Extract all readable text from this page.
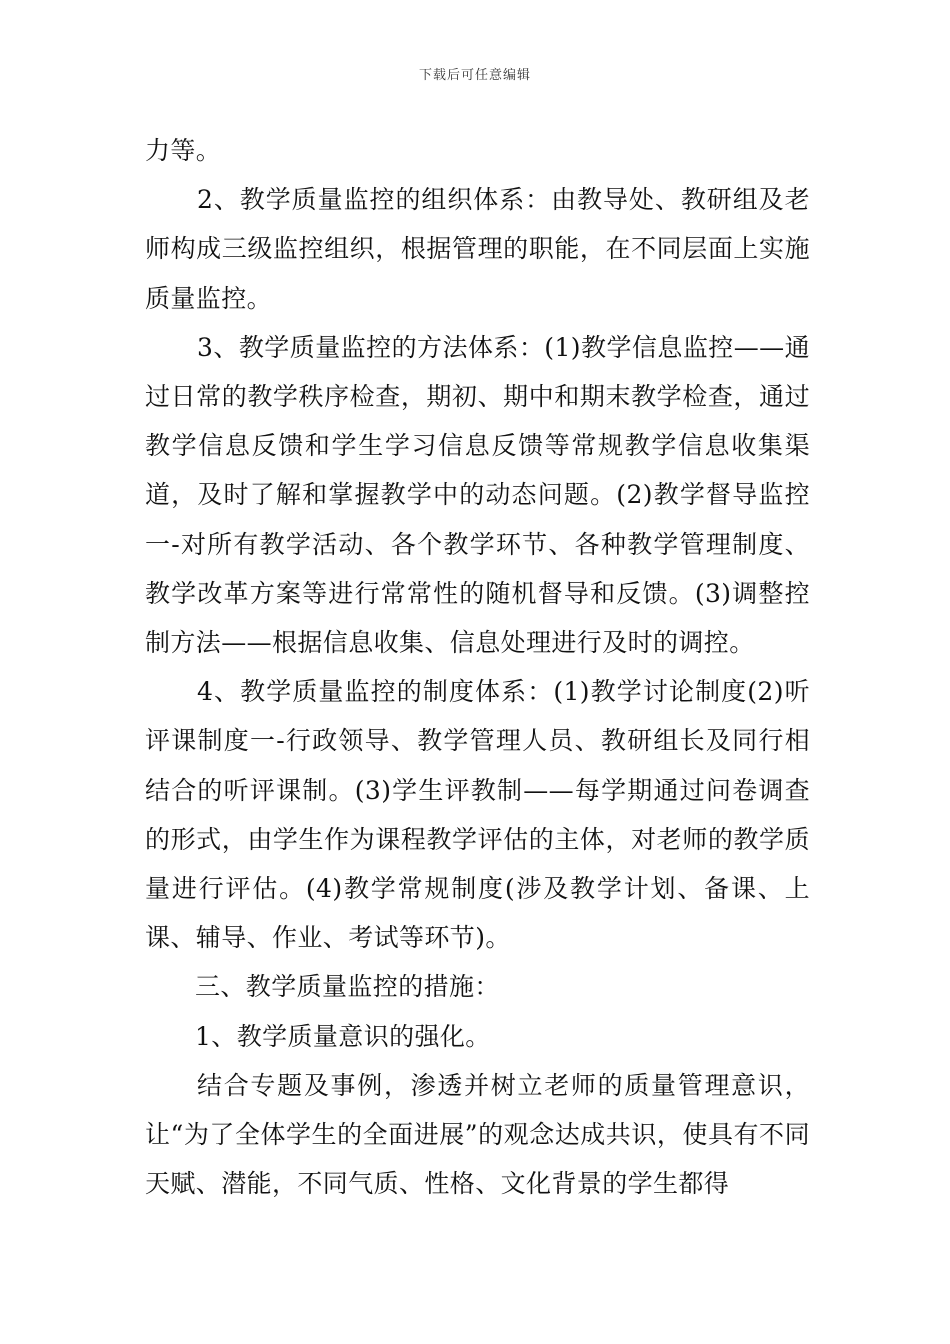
下载后可任意编辑

力等。

2、教学质量监控的组织体系：由教导处、教研组及老师构成三级监控组织，根据管理的职能，在不同层面上实施质量监控。

3、教学质量监控的方法体系：(1)教学信息监控——通过日常的教学秩序检查，期初、期中和期末教学检查，通过教学信息反馈和学生学习信息反馈等常规教学信息收集渠道，及时了解和掌握教学中的动态问题。(2)教学督导监控一-对所有教学活动、各个教学环节、各种教学管理制度、教学改革方案等进行常常性的随机督导和反馈。(3)调整控制方法——根据信息收集、信息处理进行及时的调控。

4、教学质量监控的制度体系：(1)教学讨论制度(2)听评课制度一-行政领导、教学管理人员、教研组长及同行相结合的听评课制。(3)学生评教制——每学期通过问卷调查的形式，由学生作为课程教学评估的主体，对老师的教学质量进行评估。(4)教学常规制度(涉及教学计划、备课、上课、辅导、作业、考试等环节)。

三、教学质量监控的措施：

1、教学质量意识的强化。

结合专题及事例，渗透并树立老师的质量管理意识，让“为了全体学生的全面进展”的观念达成共识，使具有不同天赋、潜能，不同气质、性格、文化背景的学生都得
